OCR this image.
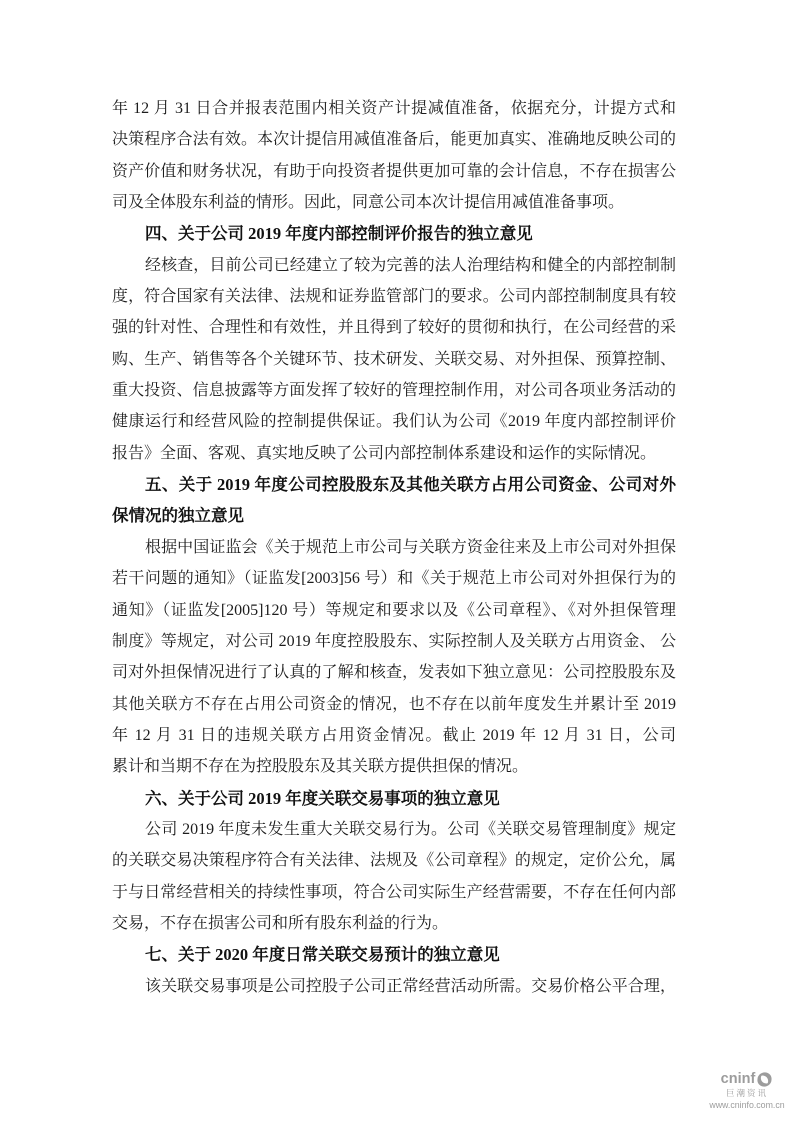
年 12 月 31 日合并报表范围内相关资产计提减值准备，依据充分，计提方式和
决策程序合法有效。本次计提信用减值准备后，能更加真实、准确地反映公司的
资产价值和财务状况，有助于向投资者提供更加可靠的会计信息，不存在损害公
司及全体股东利益的情形。因此，同意公司本次计提信用减值准备事项。
四、关于公司 2019 年度内部控制评价报告的独立意见
经核查，目前公司已经建立了较为完善的法人治理结构和健全的内部控制制
度，符合国家有关法律、法规和证券监管部门的要求。公司内部控制制度具有较
强的针对性、合理性和有效性，并且得到了较好的贯彻和执行，在公司经营的采
购、生产、销售等各个关键环节、技术研发、关联交易、对外担保、预算控制、
重大投资、信息披露等方面发挥了较好的管理控制作用，对公司各项业务活动的
健康运行和经营风险的控制提供保证。我们认为公司《2019 年度内部控制评价
报告》全面、客观、真实地反映了公司内部控制体系建设和运作的实际情况。
五、关于 2019 年度公司控股股东及其他关联方占用公司资金、公司对外
保情况的独立意见
根据中国证监会《关于规范上市公司与关联方资金往来及上市公司对外担保
若干问题的通知》（证监发[2003]56 号）和《关于规范上市公司对外担保行为的
通知》（证监发[2005]120 号）等规定和要求以及《公司章程》、《对外担保管理
制度》等规定，对公司 2019 年度控股股东、实际控制人及关联方占用资金、 公
司对外担保情况进行了认真的了解和核查，发表如下独立意见：公司控股股东及
其他关联方不存在占用公司资金的情况，也不存在以前年度发生并累计至 2019
年 12 月 31 日的违规关联方占用资金情况。截止 2019 年 12 月 31 日，公司
累计和当期不存在为控股股东及其关联方提供担保的情况。
六、关于公司 2019 年度关联交易事项的独立意见
公司 2019 年度未发生重大关联交易行为。公司《关联交易管理制度》规定
的关联交易决策程序符合有关法律、法规及《公司章程》的规定，定价公允，属
于与日常经营相关的持续性事项，符合公司实际生产经营需要，不存在任何内部
交易，不存在损害公司和所有股东利益的行为。
七、关于 2020 年度日常关联交易预计的独立意见
该关联交易事项是公司控股子公司正常经营活动所需。交易价格公平合理，
cninf
巨潮资讯
www.cninfo.com.cn
